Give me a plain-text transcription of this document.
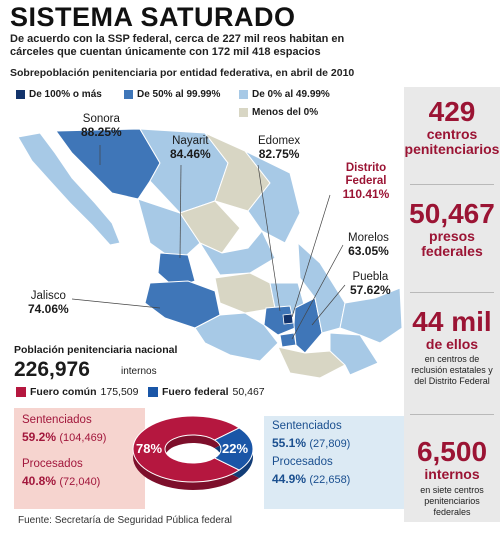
SISTEMA SATURADO
De acuerdo con la SSP federal, cerca de 227 mil reos habitan en cárceles que cuentan únicamente con 172 mil 418 espacios
Sobrepoblación penitenciaria por entidad federativa, en abril de 2010
De 100% o más	De 50% al 99.99%	De 0% al 49.99%
Menos del 0%
Sonora
88.25%
Nayarit
84.46%
Edomex
82.75%
Distrito Federal
110.41%
Morelos
63.05%
Puebla
57.62%
Jalisco
74.06%
429
centros penitenciarios
50,467
presos
federales
44 mil
de ellos
en centros de reclusión estatales y del Distrito Federal
6,500
internos
en siete centros penitenciarios federales
Población penitenciaria nacional
226,976	internos
Fuero común 175,509 Fuero federal 50,467
Sentenciados
59.2% (104,469)
Procesados
40.8% (72,040)
78%	22%
Sentenciados
55.1% (27,809)
Procesados
44.9% (22,658)
Fuente: Secretaría de Seguridad Pública federal
